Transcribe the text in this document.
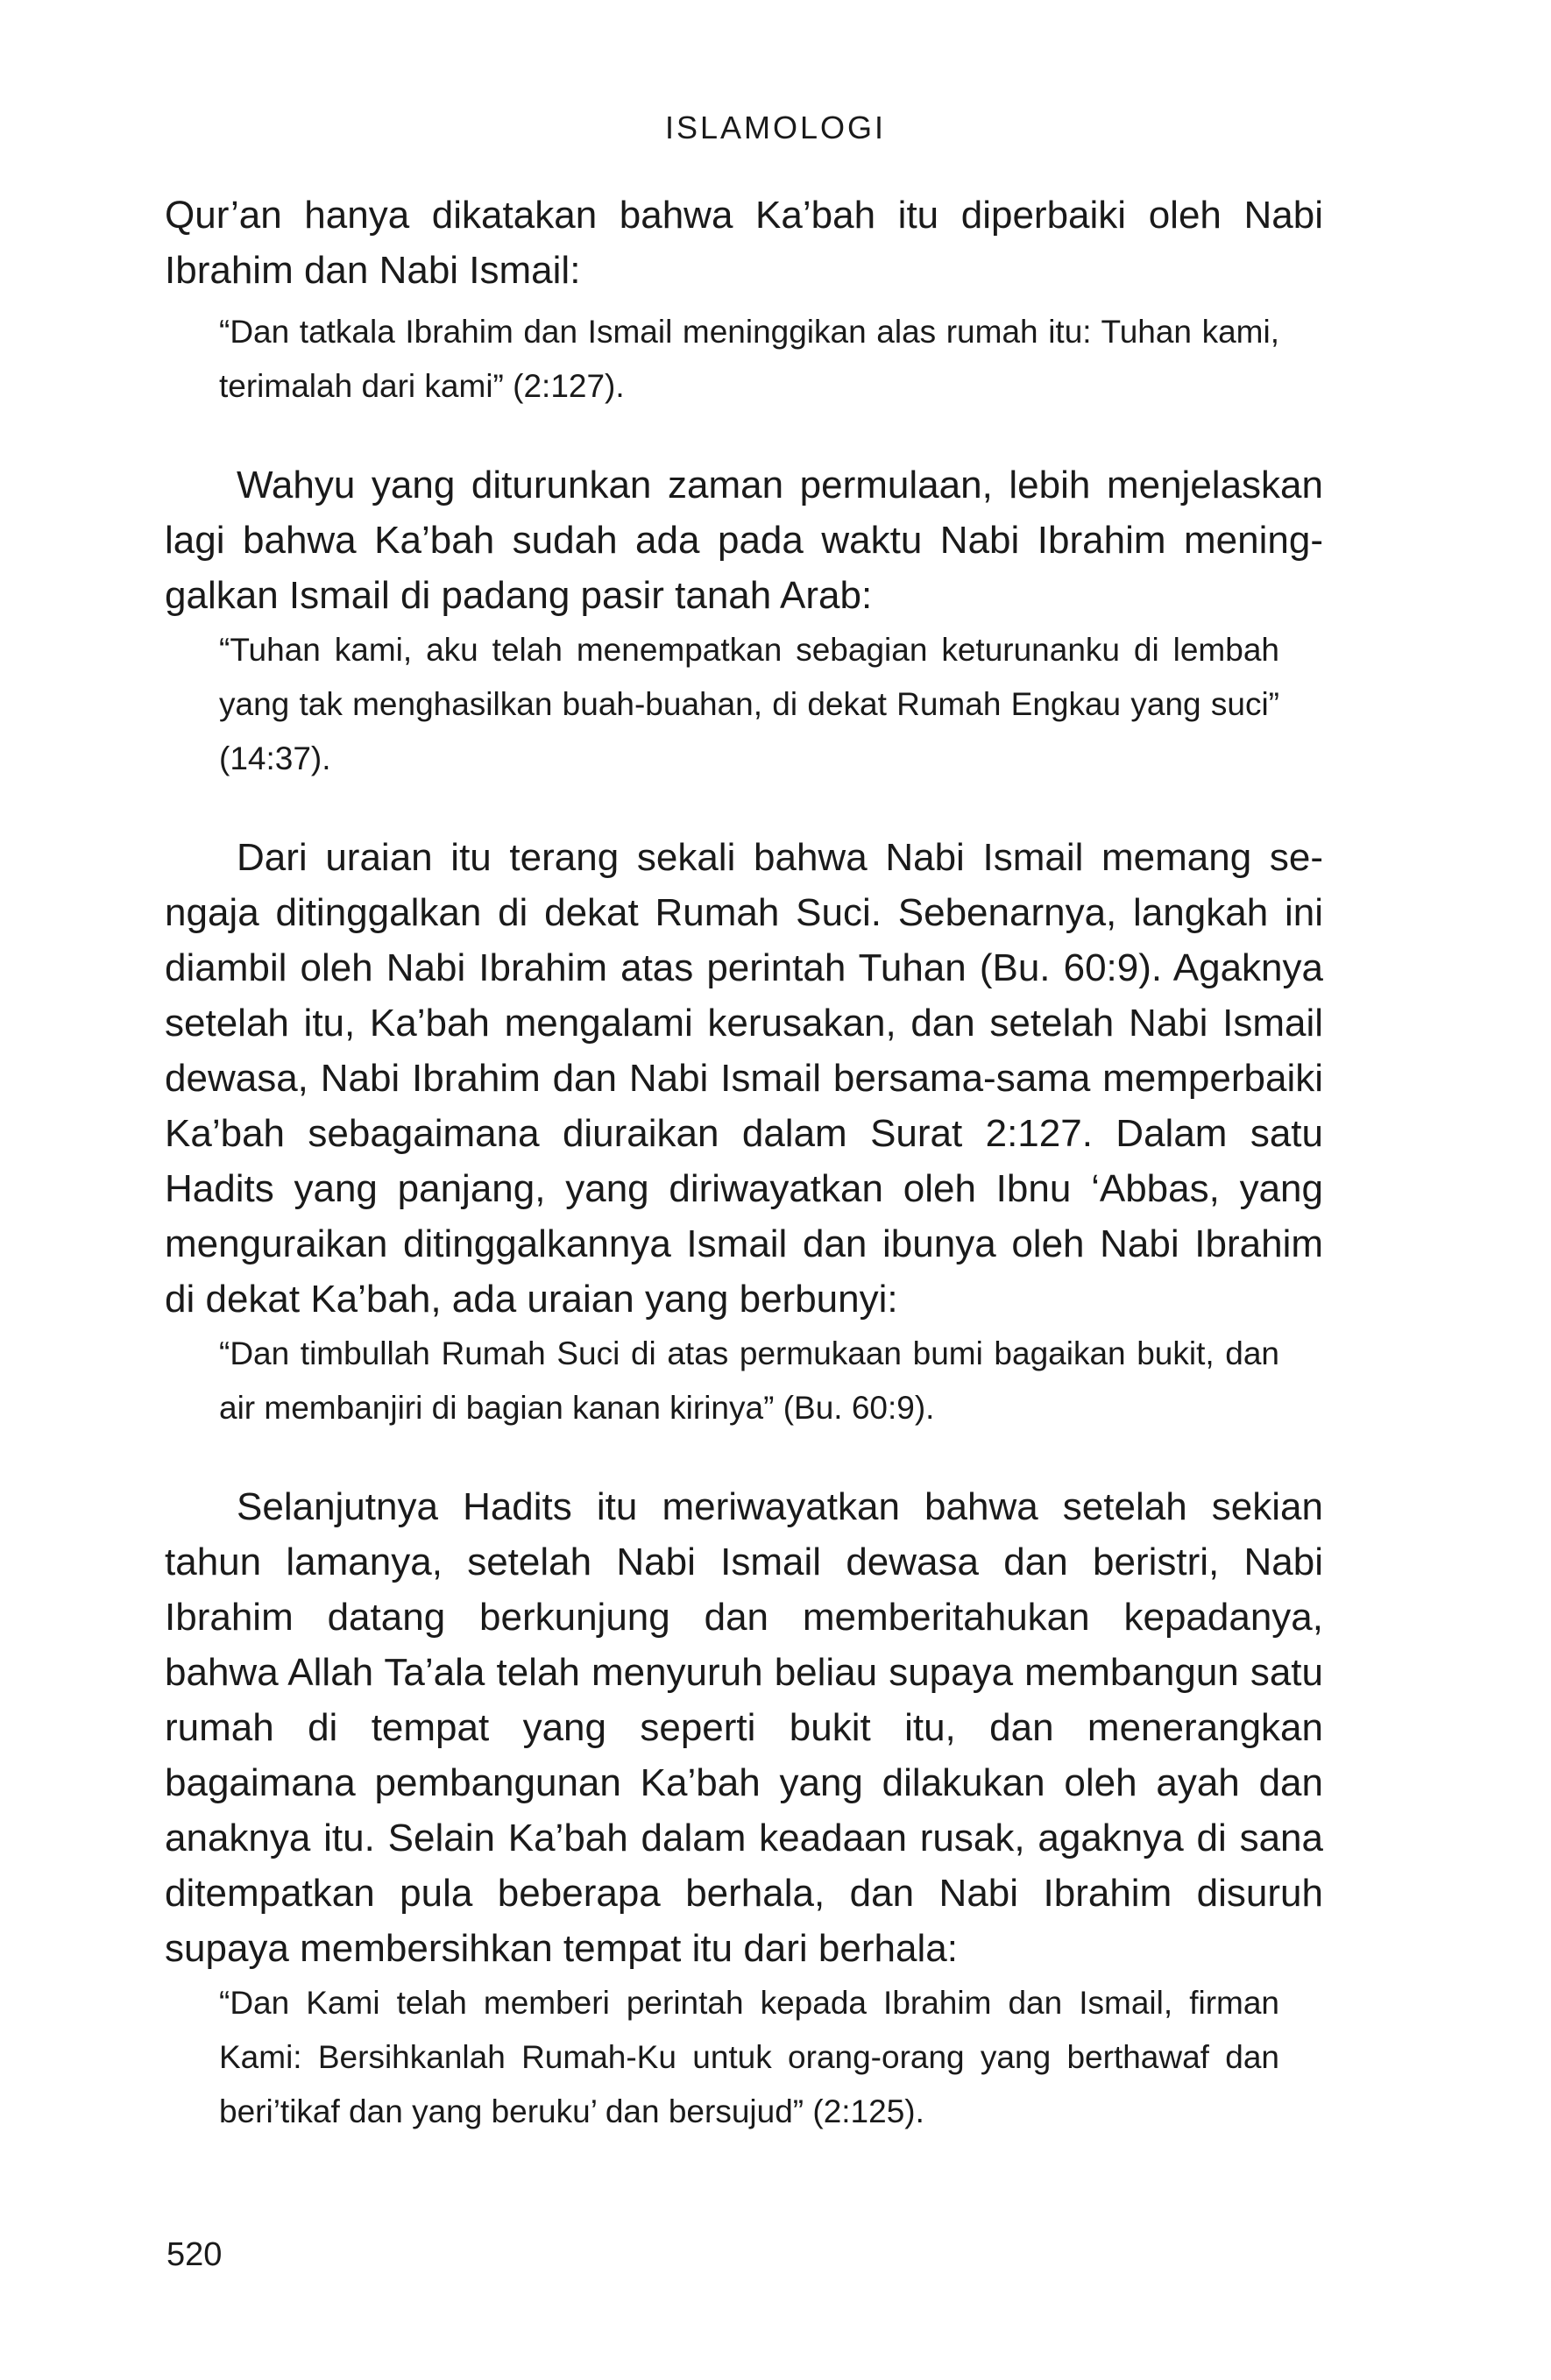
ISLAMOLOGI

Qur’an hanya dikatakan bahwa Ka’bah itu diperbaiki oleh Nabi Ibrahim dan Nabi Ismail:

“Dan tatkala Ibrahim dan Ismail meninggikan alas rumah itu: Tuhan kami, terimalah dari kami” (2:127).

Wahyu yang diturunkan zaman permulaan, lebih menjelaskan lagi bahwa Ka’bah sudah ada pada waktu Nabi Ibrahim meninggalkan Ismail di padang pasir tanah Arab:

“Tuhan kami, aku telah menempatkan sebagian keturunanku di lembah yang tak menghasilkan buah-buahan, di dekat Rumah Engkau yang suci” (14:37).

Dari uraian itu terang sekali bahwa Nabi Ismail memang sengaja ditinggalkan di dekat Rumah Suci. Sebenarnya, langkah ini diambil oleh Nabi Ibrahim atas perintah Tuhan (Bu. 60:9). Agaknya setelah itu, Ka’bah mengalami kerusakan, dan setelah Nabi Ismail dewasa, Nabi Ibrahim dan Nabi Ismail bersama-sama memperbaiki Ka’bah sebagaimana diuraikan dalam Surat 2:127. Dalam satu Hadits yang panjang, yang diriwayatkan oleh Ibnu ‘Abbas, yang menguraikan ditinggalkannya Ismail dan ibunya oleh Nabi Ibrahim di dekat Ka’bah, ada uraian yang berbunyi:

“Dan timbullah Rumah Suci di atas permukaan bumi bagaikan bukit, dan air membanjiri di bagian kanan kirinya” (Bu. 60:9).

Selanjutnya Hadits itu meriwayatkan bahwa setelah sekian tahun lamanya, setelah Nabi Ismail dewasa dan beristri, Nabi Ibrahim datang berkunjung dan memberitahukan kepadanya, bahwa Allah Ta’ala telah menyuruh beliau supaya membangun satu rumah di tempat yang seperti bukit itu, dan menerangkan bagaimana pembangunan Ka’bah yang dilakukan oleh ayah dan anaknya itu. Selain Ka’bah dalam keadaan rusak, agaknya di sana ditempatkan pula beberapa berhala, dan Nabi Ibrahim disuruh supaya membersihkan tempat itu dari berhala:

“Dan Kami telah memberi perintah kepada Ibrahim dan Ismail, firman Kami: Bersihkanlah Rumah-Ku untuk orang-orang yang berthawaf dan beri’tikaf dan yang beruku’ dan bersujud” (2:125).

520
